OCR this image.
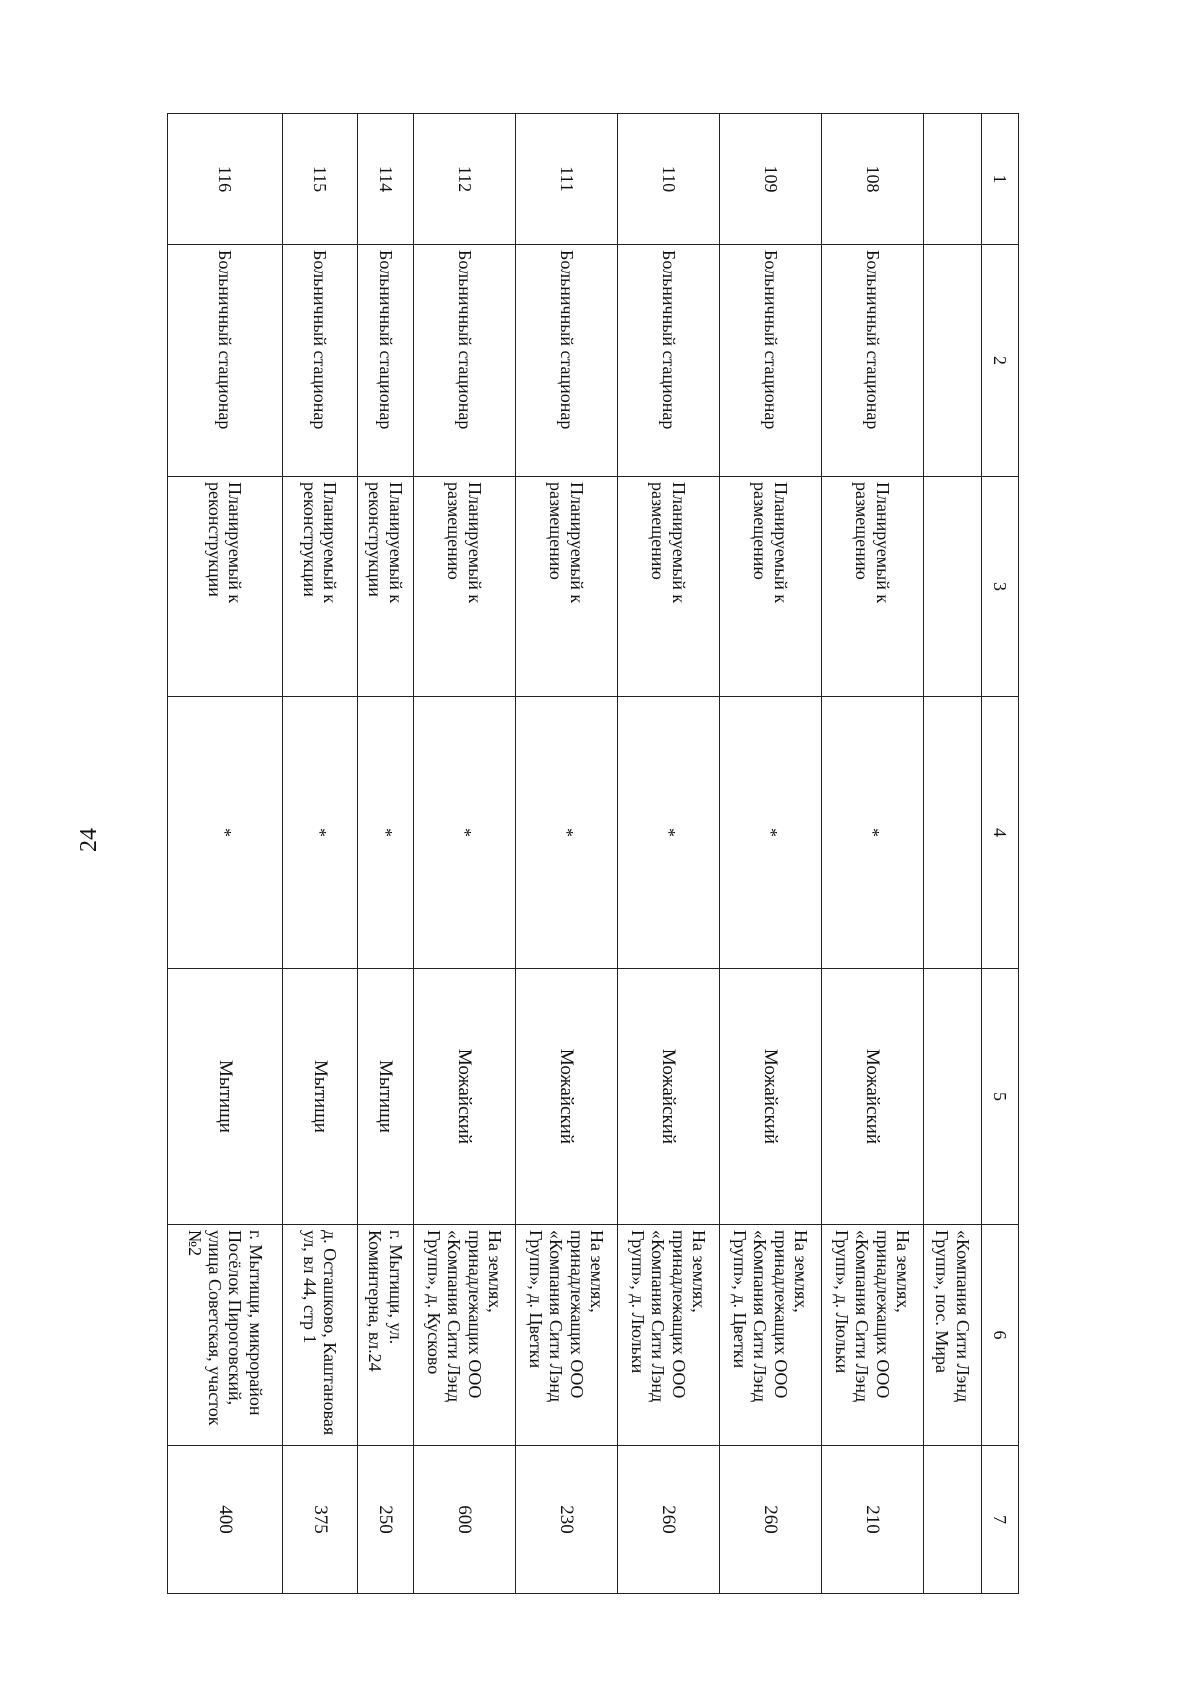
24
1	2	3	4	5	6	7
					«Компания Сити Лэнд Групп», пос. Мира	
108	Больничный стационар	Планируемый к размещению	*	Можайский	На землях, принадлежащих ООО «Компания Сити Лэнд Групп», д. Люльки	210
109	Больничный стационар	Планируемый к размещению	*	Можайский	На землях, принадлежащих ООО «Компания Сити Лэнд Групп», д. Цветки	260
110	Больничный стационар	Планируемый к размещению	*	Можайский	На землях, принадлежащих ООО «Компания Сити Лэнд Групп», д. Люльки	260
111	Больничный стационар	Планируемый к размещению	*	Можайский	На землях, принадлежащих ООО «Компания Сити Лэнд Групп», д. Цветки	230
112	Больничный стационар	Планируемый к размещению	*	Можайский	На землях, принадлежащих ООО «Компания Сити Лэнд Групп», д. Кусково	600
114	Больничный стационар	Планируемый к реконструкции	*	Мытищи	г. Мытищи, ул. Коминтерна, вл.24	250
115	Больничный стационар	Планируемый к реконструкции	*	Мытищи	д. Осташково, Каштановая ул, вл 44, стр 1	375
116	Больничный стационар	Планируемый к реконструкции	*	Мытищи	г. Мытищи, микрорайон Посёлок Пироговский, улица Советская, участок №2	400
